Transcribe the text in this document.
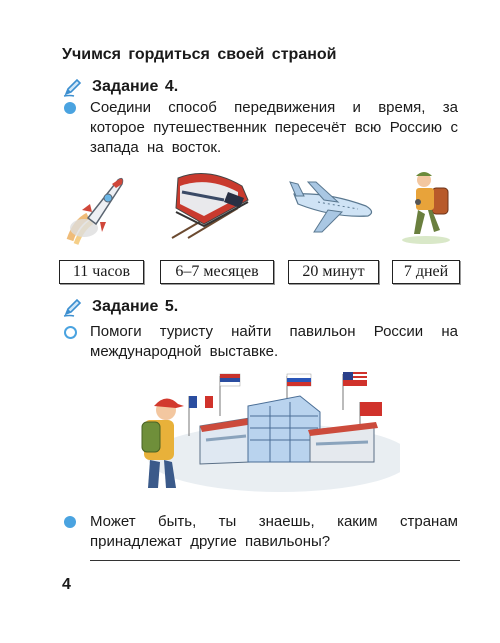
Учимся гордиться своей страной
Задание 4.
Соедини способ передвижения и время, за которое путешественник пересечёт всю Россию с запада на восток.
11 часов	6–7 месяцев	20 минут	7 дней
Задание 5.
Помоги туристу найти павильон России на международной выставке.
Может быть, ты знаешь, каким странам принадлежат другие павильоны?
4
